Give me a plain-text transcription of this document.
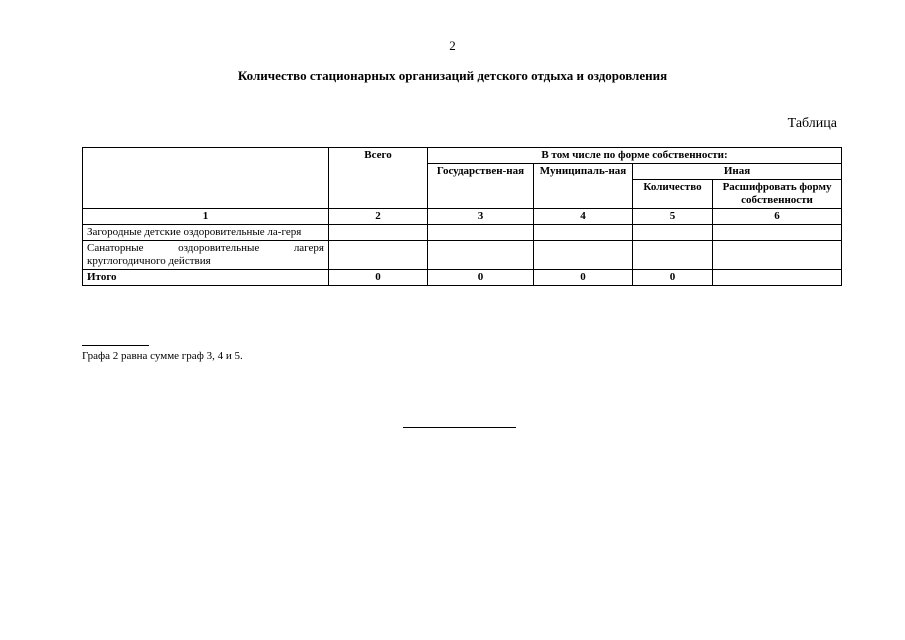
2
Количество стационарных организаций детского отдыха и оздоровления
Таблица
	Всего	В том числе по форме собственности:			
		Государствен-ная	Муниципаль-ная	Иная	
				Количество	Расшифровать форму собственности
1	2	3	4	5	6
Загородные детские оздоровительные ла-геря					
Санаторные оздоровительные лагеря круглогодичного действия					
Итого	0	0	0	0	
Графа 2 равна сумме граф 3, 4 и 5.
